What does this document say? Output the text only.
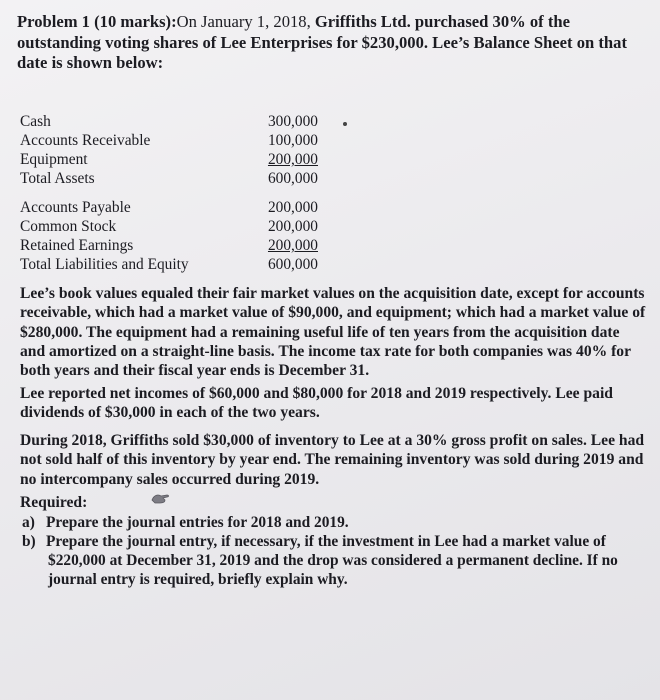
Problem 1 (10 marks):On January 1, 2018, Griffiths Ltd. purchased 30% of the outstanding voting shares of Lee Enterprises for $230,000. Lee’s Balance Sheet on that date is shown below:
Cash	300,000
Accounts Receivable	100,000
Equipment	200,000
Total Assets	600,000
Accounts Payable	200,000
Common Stock	200,000
Retained Earnings	200,000
Total Liabilities and Equity	600,000
Lee’s book values equaled their fair market values on the acquisition date, except for accounts receivable, which had a market value of $90,000, and equipment; which had a market value of $280,000. The equipment had a remaining useful life of ten years from the acquisition date and amortized on a straight-line basis. The income tax rate for both companies was 40% for both years and their fiscal year ends is December 31.
Lee reported net incomes of $60,000 and $80,000 for 2018 and 2019 respectively. Lee paid dividends of $30,000 in each of the two years.
During 2018, Griffiths sold $30,000 of inventory to Lee at a 30% gross profit on sales. Lee had not sold half of this inventory by year end. The remaining inventory was sold during 2019 and no intercompany sales occurred during 2019.
Required:
a) Prepare the journal entries for 2018 and 2019.
b) Prepare the journal entry, if necessary, if the investment in Lee had a market value of
$220,000 at December 31, 2019 and the drop was considered a permanent decline. If no journal entry is required, briefly explain why.
